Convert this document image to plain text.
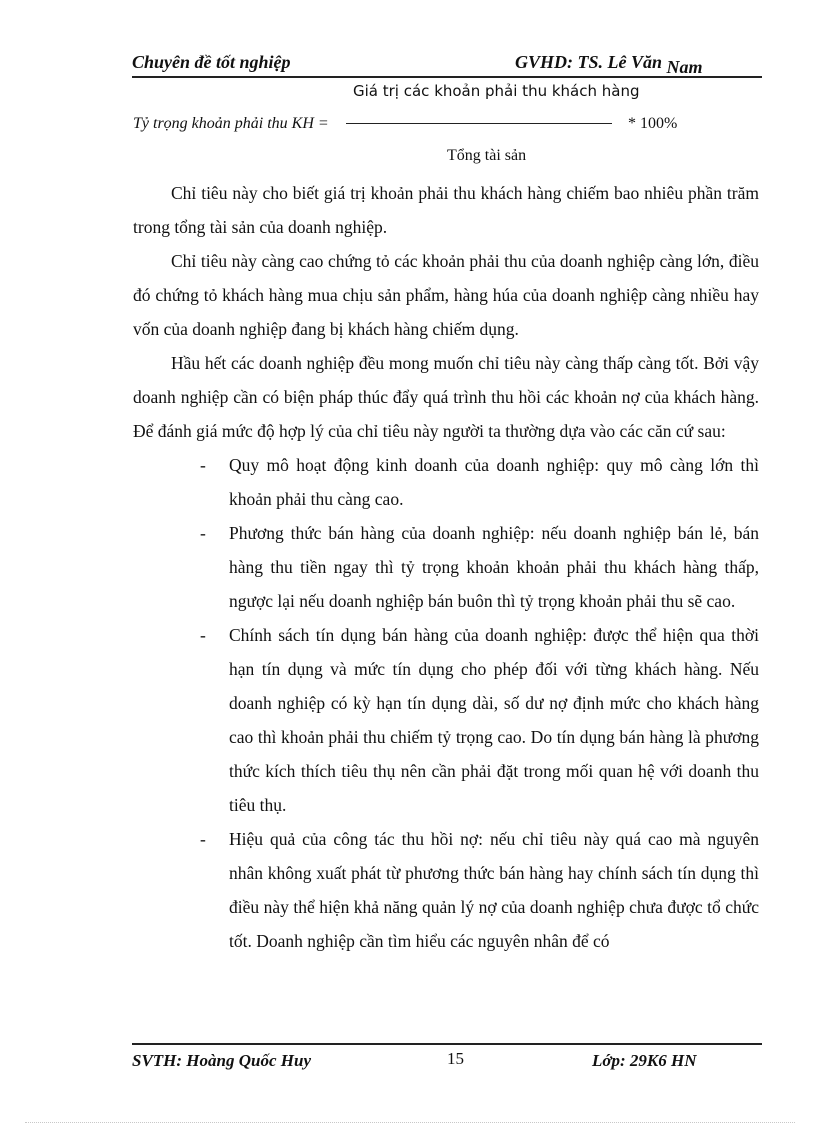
Chuyên đề tốt nghiệp	GVHD: TS. Lê Văn Nam
Giá trị các khoản phải thu khách hàng
Tỷ trọng khoản phải thu KH =	* 100%
Tổng tài sản

Chỉ tiêu này cho biết giá trị khoản phải thu khách hàng chiếm bao nhiêu phần trăm trong tổng tài sản của doanh nghiệp.

Chỉ tiêu này càng cao chứng tỏ các khoản phải thu của doanh nghiệp càng lớn, điều đó chứng tỏ khách hàng mua chịu sản phẩm, hàng húa của doanh nghiệp càng nhiều hay vốn của doanh nghiệp đang bị khách hàng chiếm dụng.

Hầu hết các doanh nghiệp đều mong muốn chỉ tiêu này càng thấp càng tốt. Bởi vậy doanh nghiệp cần có biện pháp thúc đẩy quá trình thu hồi các khoản nợ của khách hàng. Để đánh giá mức độ hợp lý của chỉ tiêu này người ta thường dựa vào các căn cứ sau:

- Quy mô hoạt động kinh doanh của doanh nghiệp: quy mô càng lớn thì khoản phải thu càng cao.
- Phương thức bán hàng của doanh nghiệp: nếu doanh nghiệp bán lẻ, bán hàng thu tiền ngay thì tỷ trọng khoản khoản phải thu khách hàng thấp, ngược lại nếu doanh nghiệp bán buôn thì tỷ trọng khoản phải thu sẽ cao.
- Chính sách tín dụng bán hàng của doanh nghiệp: được thể hiện qua thời hạn tín dụng và mức tín dụng cho phép đối với từng khách hàng. Nếu doanh nghiệp có kỳ hạn tín dụng dài, số dư nợ định mức cho khách hàng cao thì khoản phải thu chiếm tỷ trọng cao. Do tín dụng bán hàng là phương thức kích thích tiêu thụ nên cần phải đặt trong mối quan hệ với doanh thu tiêu thụ.
- Hiệu quả của công tác thu hồi nợ: nếu chỉ tiêu này quá cao mà nguyên nhân không xuất phát từ phương thức bán hàng hay chính sách tín dụng thì điều này thể hiện khả năng quản lý nợ của doanh nghiệp chưa được tổ chức tốt. Doanh nghiệp cần tìm hiểu các nguyên nhân để có
SVTH: Hoàng Quốc Huy	15	Lớp: 29K6 HN
